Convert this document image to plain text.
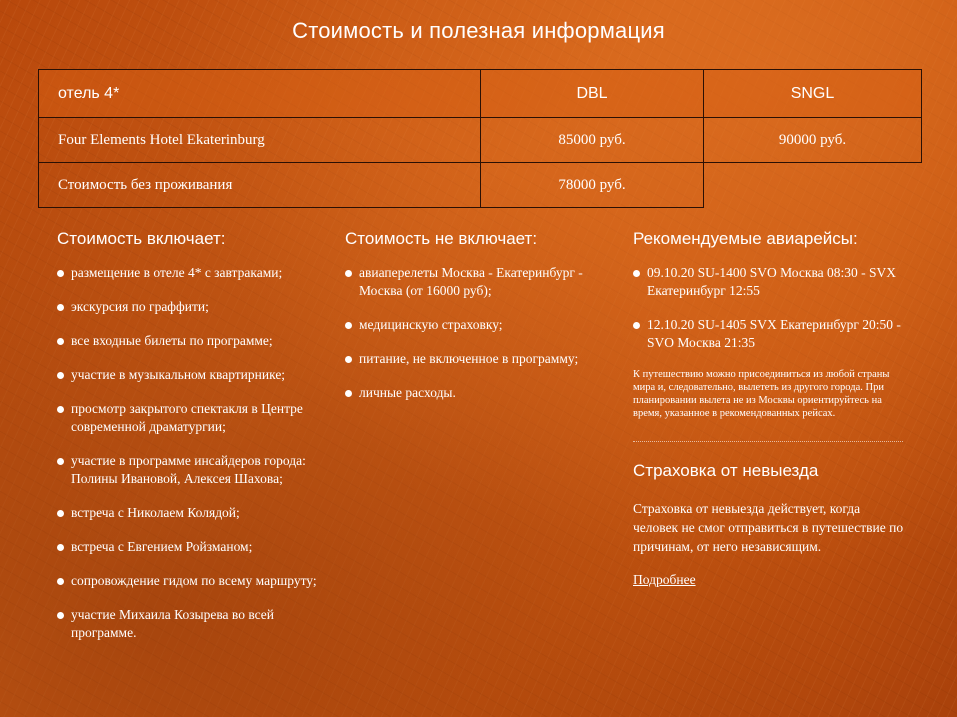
Стоимость и полезная информация
отель 4*	DBL	SNGL
Four Elements Hotel Ekaterinburg	85000 руб.	90000 руб.
Стоимость без проживания	78000 руб.	
Стоимость включает:
размещение в отеле 4* с завтраками;
экскурсия по граффити;
все входные билеты по программе;
участие в музыкальном квартирнике;
просмотр закрытого спектакля в Центре современной драматургии;
участие в программе инсайдеров города: Полины Ивановой, Алексея Шахова;
встреча с Николаем Колядой;
встреча с Евгением Ройзманом;
сопровождение гидом по всему маршруту;
участие Михаила Козырева во всей программе.
Стоимость не включает:
авиаперелеты Москва - Екатеринбург - Москва (от 16000 руб);
медицинскую страховку;
питание, не включенное в программу;
личные расходы.
Рекомендуемые авиарейсы:
09.10.20 SU-1400 SVO Москва 08:30 - SVX Екатеринбург 12:55
12.10.20 SU-1405 SVX Екатеринбург 20:50 - SVO Москва 21:35
К путешествию можно присоединиться из любой страны мира и, следовательно, вылететь из другого города. При планировании вылета не из Москвы ориентируйтесь на время, указанное в рекомендованных рейсах.
Страховка от невыезда
Страховка от невыезда действует, когда человек не смог отправиться в путешествие по причинам, от него независящим.
Подробнее
